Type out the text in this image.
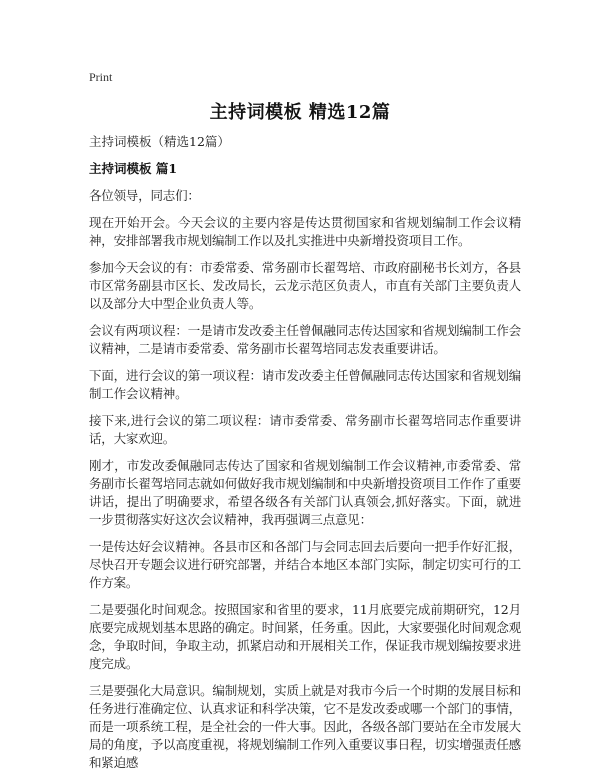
Print
主持词模板 精选12篇
主持词模板（精选12篇）
主持词模板 篇1

各位领导，同志们：

现在开始开会。今天会议的主要内容是传达贯彻国家和省规划编制工作会议精神，安排部署我市规划编制工作以及扎实推进中央新增投资项目工作。

参加今天会议的有：市委常委、常务副市长翟驾培、市政府副秘书长刘方，各县市区常务副县市区长、发改局长，云龙示范区负责人，市直有关部门主要负责人以及部分大中型企业负责人等。

会议有两项议程：一是请市发改委主任曾佩融同志传达国家和省规划编制工作会议精神，二是请市委常委、常务副市长翟驾培同志发表重要讲话。

下面，进行会议的第一项议程：请市发改委主任曾佩融同志传达国家和省规划编制工作会议精神。

接下来,进行会议的第二项议程：请市委常委、常务副市长翟驾培同志作重要讲话，大家欢迎。

刚才，市发改委佩融同志传达了国家和省规划编制工作会议精神,市委常委、常务副市长翟驾培同志就如何做好我市规划编制和中央新增投资项目工作作了重要讲话，提出了明确要求，希望各级各有关部门认真领会,抓好落实。下面，就进一步贯彻落实好这次会议精神，我再强调三点意见：

一是传达好会议精神。各县市区和各部门与会同志回去后要向一把手作好汇报，尽快召开专题会议进行研究部署，并结合本地区本部门实际，制定切实可行的工作方案。

二是要强化时间观念。按照国家和省里的要求，11月底要完成前期研究，12月底要完成规划基本思路的确定。时间紧，任务重。因此，大家要强化时间观念观念，争取时间，争取主动，抓紧启动和开展相关工作，保证我市规划编按要求进度完成。

三是要强化大局意识。编制规划，实质上就是对我市今后一个时期的发展目标和任务进行准确定位、认真求证和科学决策，它不是发改委或哪一个部门的事情，而是一项系统工程，是全社会的一件大事。因此，各级各部门要站在全市发展大局的角度，予以高度重视，将规划编制工作列入重要议事日程，切实增强责任感和紧迫感
